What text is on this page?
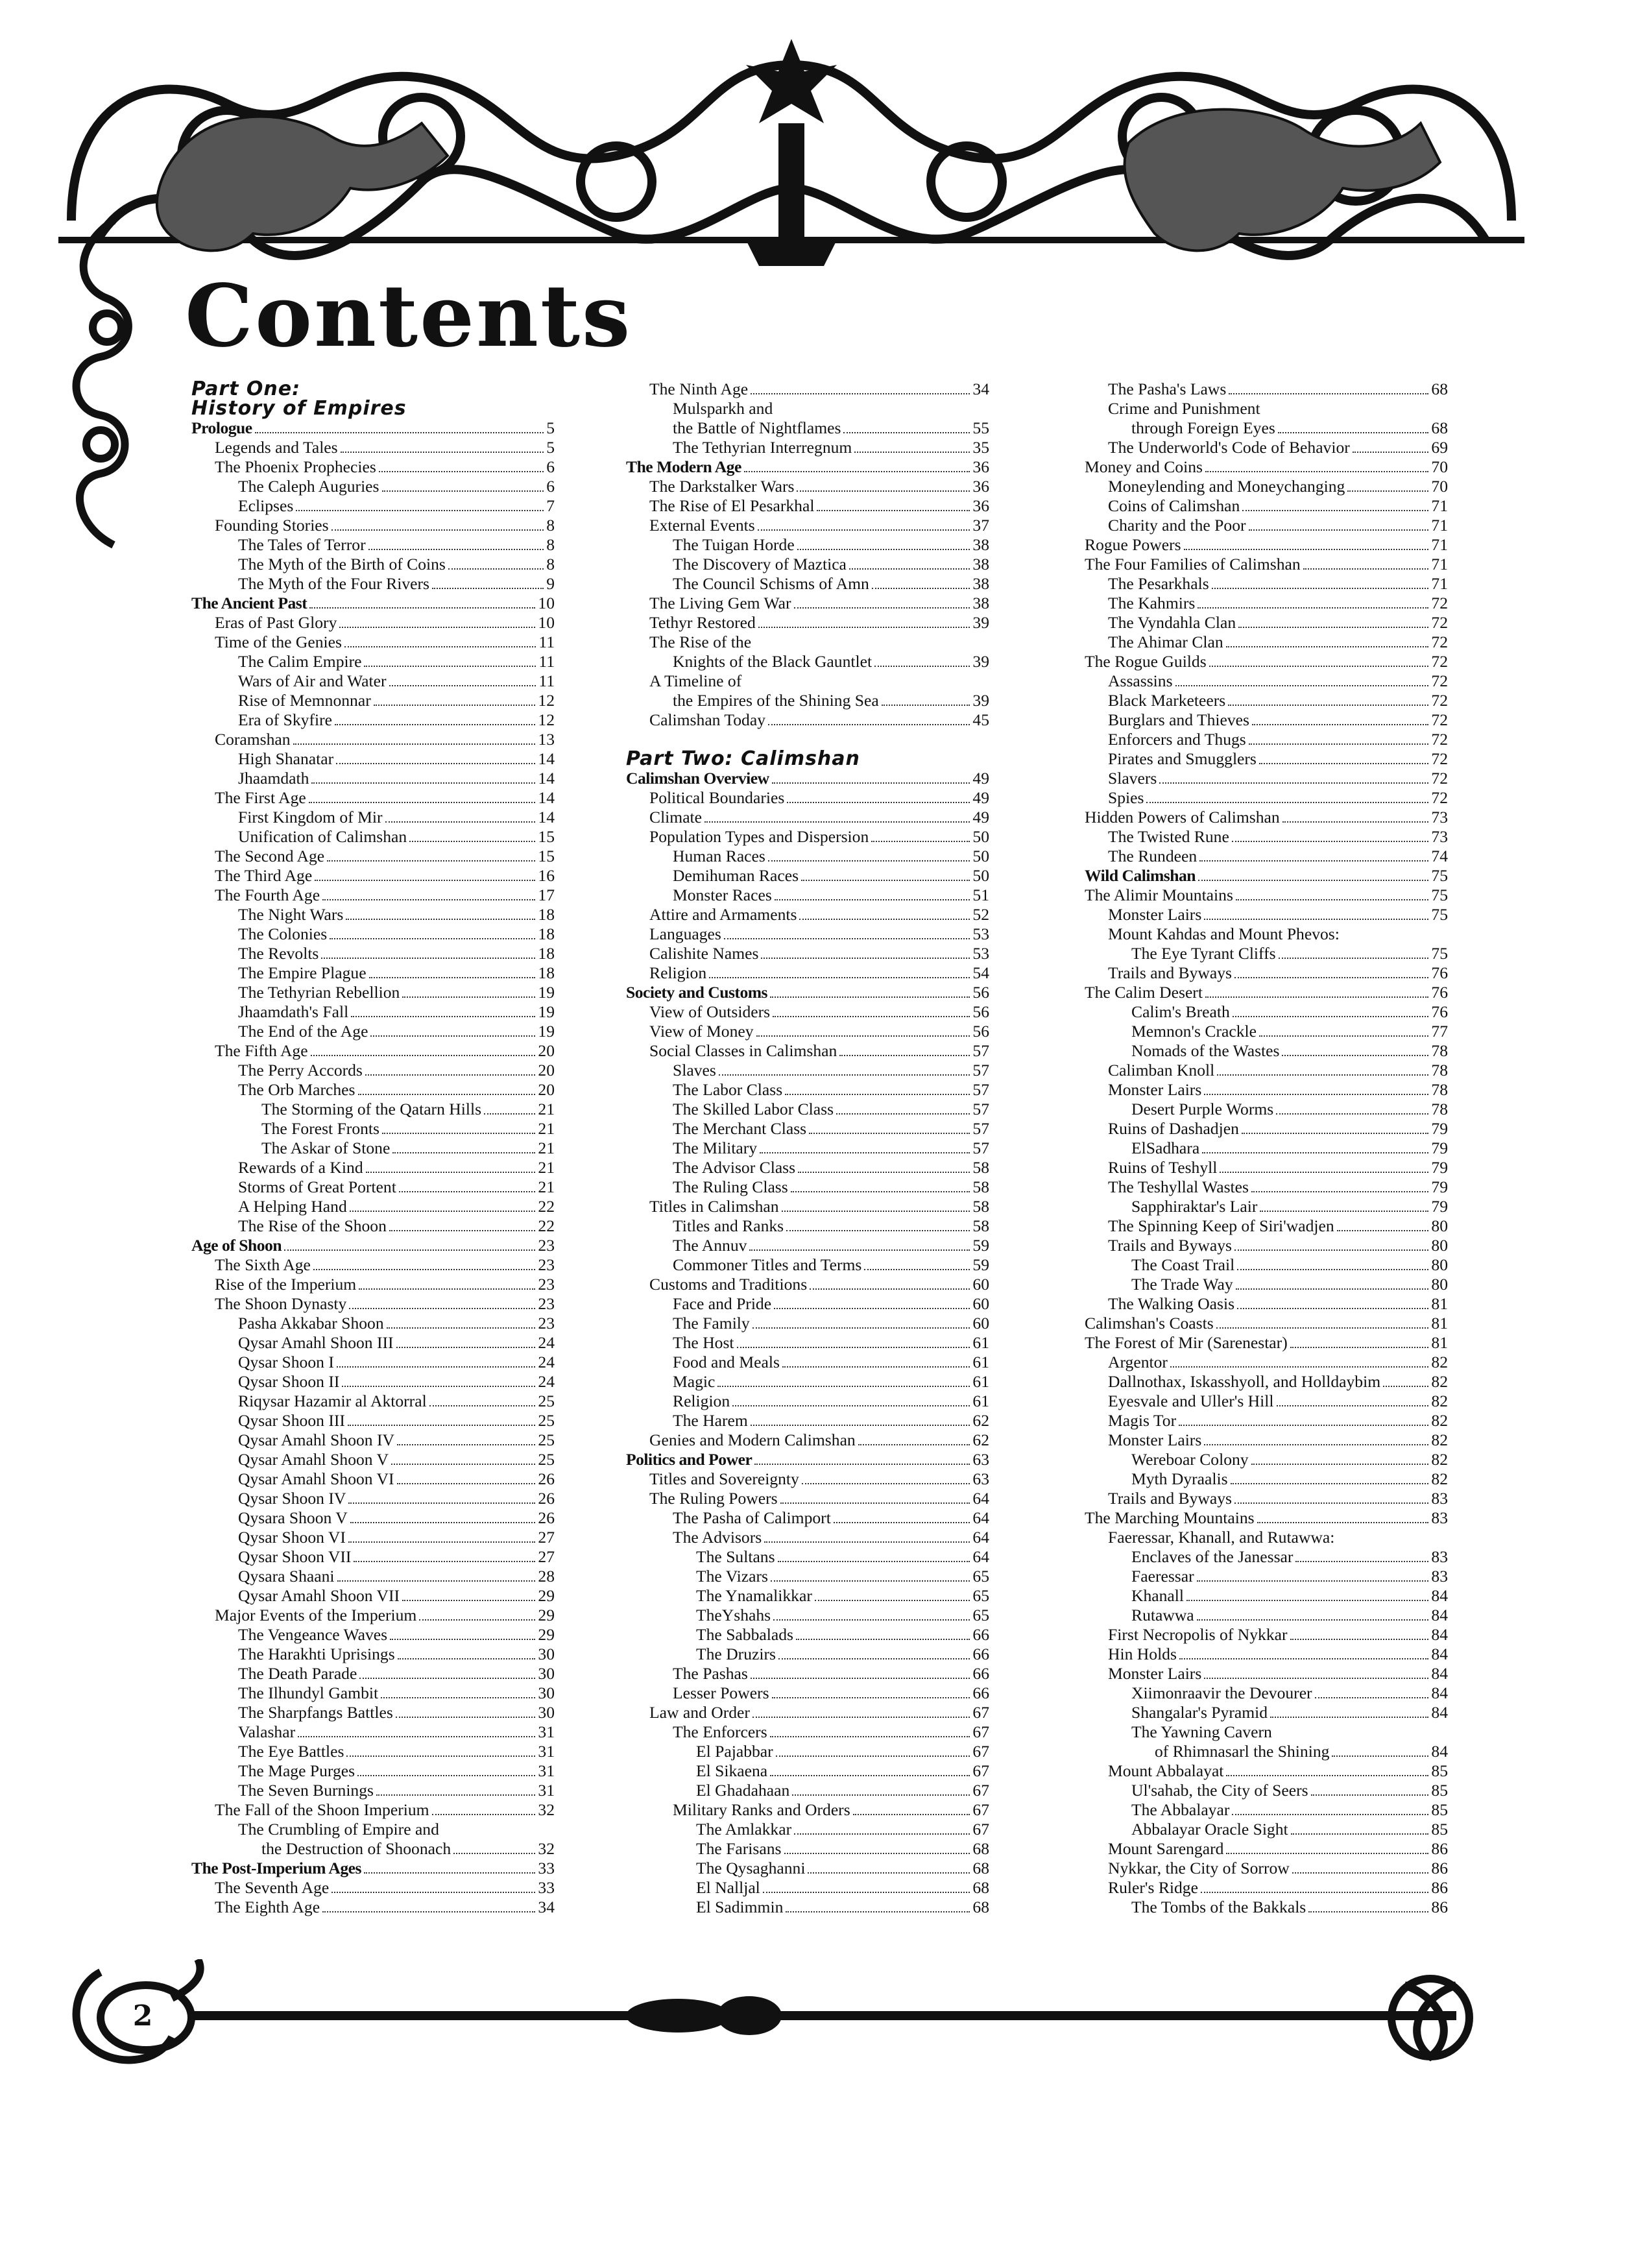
Contents
Part One:
History of Empires
Prologue	5
Legends and Tales	5
The Phoenix Prophecies	6
The Caleph Auguries	6
Eclipses	7
Founding Stories	8
The Tales of Terror	8
The Myth of the Birth of Coins	8
The Myth of the Four Rivers	9
The Ancient Past	10
Eras of Past Glory	10
Time of the Genies	11
The Calim Empire	11
Wars of Air and Water	11
Rise of Memnonnar	12
Era of Skyfire	12
Coramshan	13
High Shanatar	14
Jhaamdath	14
The First Age	14
First Kingdom of Mir	14
Unification of Calimshan	15
The Second Age	15
The Third Age	16
The Fourth Age	17
The Night Wars	18
The Colonies	18
The Revolts	18
The Empire Plague	18
The Tethyrian Rebellion	19
Jhaamdath's Fall	19
The End of the Age	19
The Fifth Age	20
The Perry Accords	20
The Orb Marches	20
The Storming of the Qatarn Hills	21
The Forest Fronts	21
The Askar of Stone	21
Rewards of a Kind	21
Storms of Great Portent	21
A Helping Hand	22
The Rise of the Shoon	22
Age of Shoon	23
The Sixth Age	23
Rise of the Imperium	23
The Shoon Dynasty	23
Pasha Akkabar Shoon	23
Qysar Amahl Shoon III	24
Qysar Shoon I	24
Qysar Shoon II	24
Riqysar Hazamir al Aktorral	25
Qysar Shoon III	25
Qysar Amahl Shoon IV	25
Qysar Amahl Shoon V	25
Qysar Amahl Shoon VI	26
Qysar Shoon IV	26
Qysara Shoon V	26
Qysar Shoon VI	27
Qysar Shoon VII	27
Qysara Shaani	28
Qysar Amahl Shoon VII	29
Major Events of the Imperium	29
The Vengeance Waves	29
The Harakhti Uprisings	30
The Death Parade	30
The Ilhundyl Gambit	30
The Sharpfangs Battles	30
Valashar	31
The Eye Battles	31
The Mage Purges	31
The Seven Burnings	31
The Fall of the Shoon Imperium	32
The Crumbling of Empire and
the Destruction of Shoonach	32
The Post-Imperium Ages	33
The Seventh Age	33
The Eighth Age	34
The Ninth Age	34
Mulsparkh and
the Battle of Nightflames	55
The Tethyrian Interregnum	35
The Modern Age	36
The Darkstalker Wars	36
The Rise of El Pesarkhal	36
External Events	37
The Tuigan Horde	38
The Discovery of Maztica	38
The Council Schisms of Amn	38
The Living Gem War	38
Tethyr Restored	39
The Rise of the
Knights of the Black Gauntlet	39
A Timeline of
the Empires of the Shining Sea	39
Calimshan Today	45
Part Two: Calimshan
Calimshan Overview	49
Political Boundaries	49
Climate	49
Population Types and Dispersion	50
Human Races	50
Demihuman Races	50
Monster Races	51
Attire and Armaments	52
Languages	53
Calishite Names	53
Religion	54
Society and Customs	56
View of Outsiders	56
View of Money	56
Social Classes in Calimshan	57
Slaves	57
The Labor Class	57
The Skilled Labor Class	57
The Merchant Class	57
The Military	57
The Advisor Class	58
The Ruling Class	58
Titles in Calimshan	58
Titles and Ranks	58
The Annuv	59
Commoner Titles and Terms	59
Customs and Traditions	60
Face and Pride	60
The Family	60
The Host	61
Food and Meals	61
Magic	61
Religion	61
The Harem	62
Genies and Modern Calimshan	62
Politics and Power	63
Titles and Sovereignty	63
The Ruling Powers	64
The Pasha of Calimport	64
The Advisors	64
The Sultans	64
The Vizars	65
The Ynamalikkar	65
TheYshahs	65
The Sabbalads	66
The Druzirs	66
The Pashas	66
Lesser Powers	66
Law and Order	67
The Enforcers	67
El Pajabbar	67
El Sikaena	67
El Ghadahaan	67
Military Ranks and Orders	67
The Amlakkar	67
The Farisans	68
The Qysaghanni	68
El Nalljal	68
El Sadimmin	68
The Pasha's Laws	68
Crime and Punishment
through Foreign Eyes	68
The Underworld's Code of Behavior	69
Money and Coins	70
Moneylending and Moneychanging	70
Coins of Calimshan	71
Charity and the Poor	71
Rogue Powers	71
The Four Families of Calimshan	71
The Pesarkhals	71
The Kahmirs	72
The Vyndahla Clan	72
The Ahimar Clan	72
The Rogue Guilds	72
Assassins	72
Black Marketeers	72
Burglars and Thieves	72
Enforcers and Thugs	72
Pirates and Smugglers	72
Slavers	72
Spies	72
Hidden Powers of Calimshan	73
The Twisted Rune	73
The Rundeen	74
Wild Calimshan	75
The Alimir Mountains	75
Monster Lairs	75
Mount Kahdas and Mount Phevos:
The Eye Tyrant Cliffs	75
Trails and Byways	76
The Calim Desert	76
Calim's Breath	76
Memnon's Crackle	77
Nomads of the Wastes	78
Calimban Knoll	78
Monster Lairs	78
Desert Purple Worms	78
Ruins of Dashadjen	79
ElSadhara	79
Ruins of Teshyll	79
The Teshyllal Wastes	79
Sapphiraktar's Lair	79
The Spinning Keep of Siri'wadjen	80
Trails and Byways	80
The Coast Trail	80
The Trade Way	80
The Walking Oasis	81
Calimshan's Coasts	81
The Forest of Mir (Sarenestar)	81
Argentor	82
Dallnothax, Iskasshyoll, and Holldaybim	82
Eyesvale and Uller's Hill	82
Magis Tor	82
Monster Lairs	82
Wereboar Colony	82
Myth Dyraalis	82
Trails and Byways	83
The Marching Mountains	83
Faeressar, Khanall, and Rutawwa:
Enclaves of the Janessar	83
Faeressar	83
Khanall	84
Rutawwa	84
First Necropolis of Nykkar	84
Hin Holds	84
Monster Lairs	84
Xiimonraavir the Devourer	84
Shangalar's Pyramid	84
The Yawning Cavern
of Rhimnasarl the Shining	84
Mount Abbalayat	85
Ul'sahab, the City of Seers	85
The Abbalayar	85
Abbalayar Oracle Sight	85
Mount Sarengard	86
Nykkar, the City of Sorrow	86
Ruler's Ridge	86
The Tombs of the Bakkals	86
2
